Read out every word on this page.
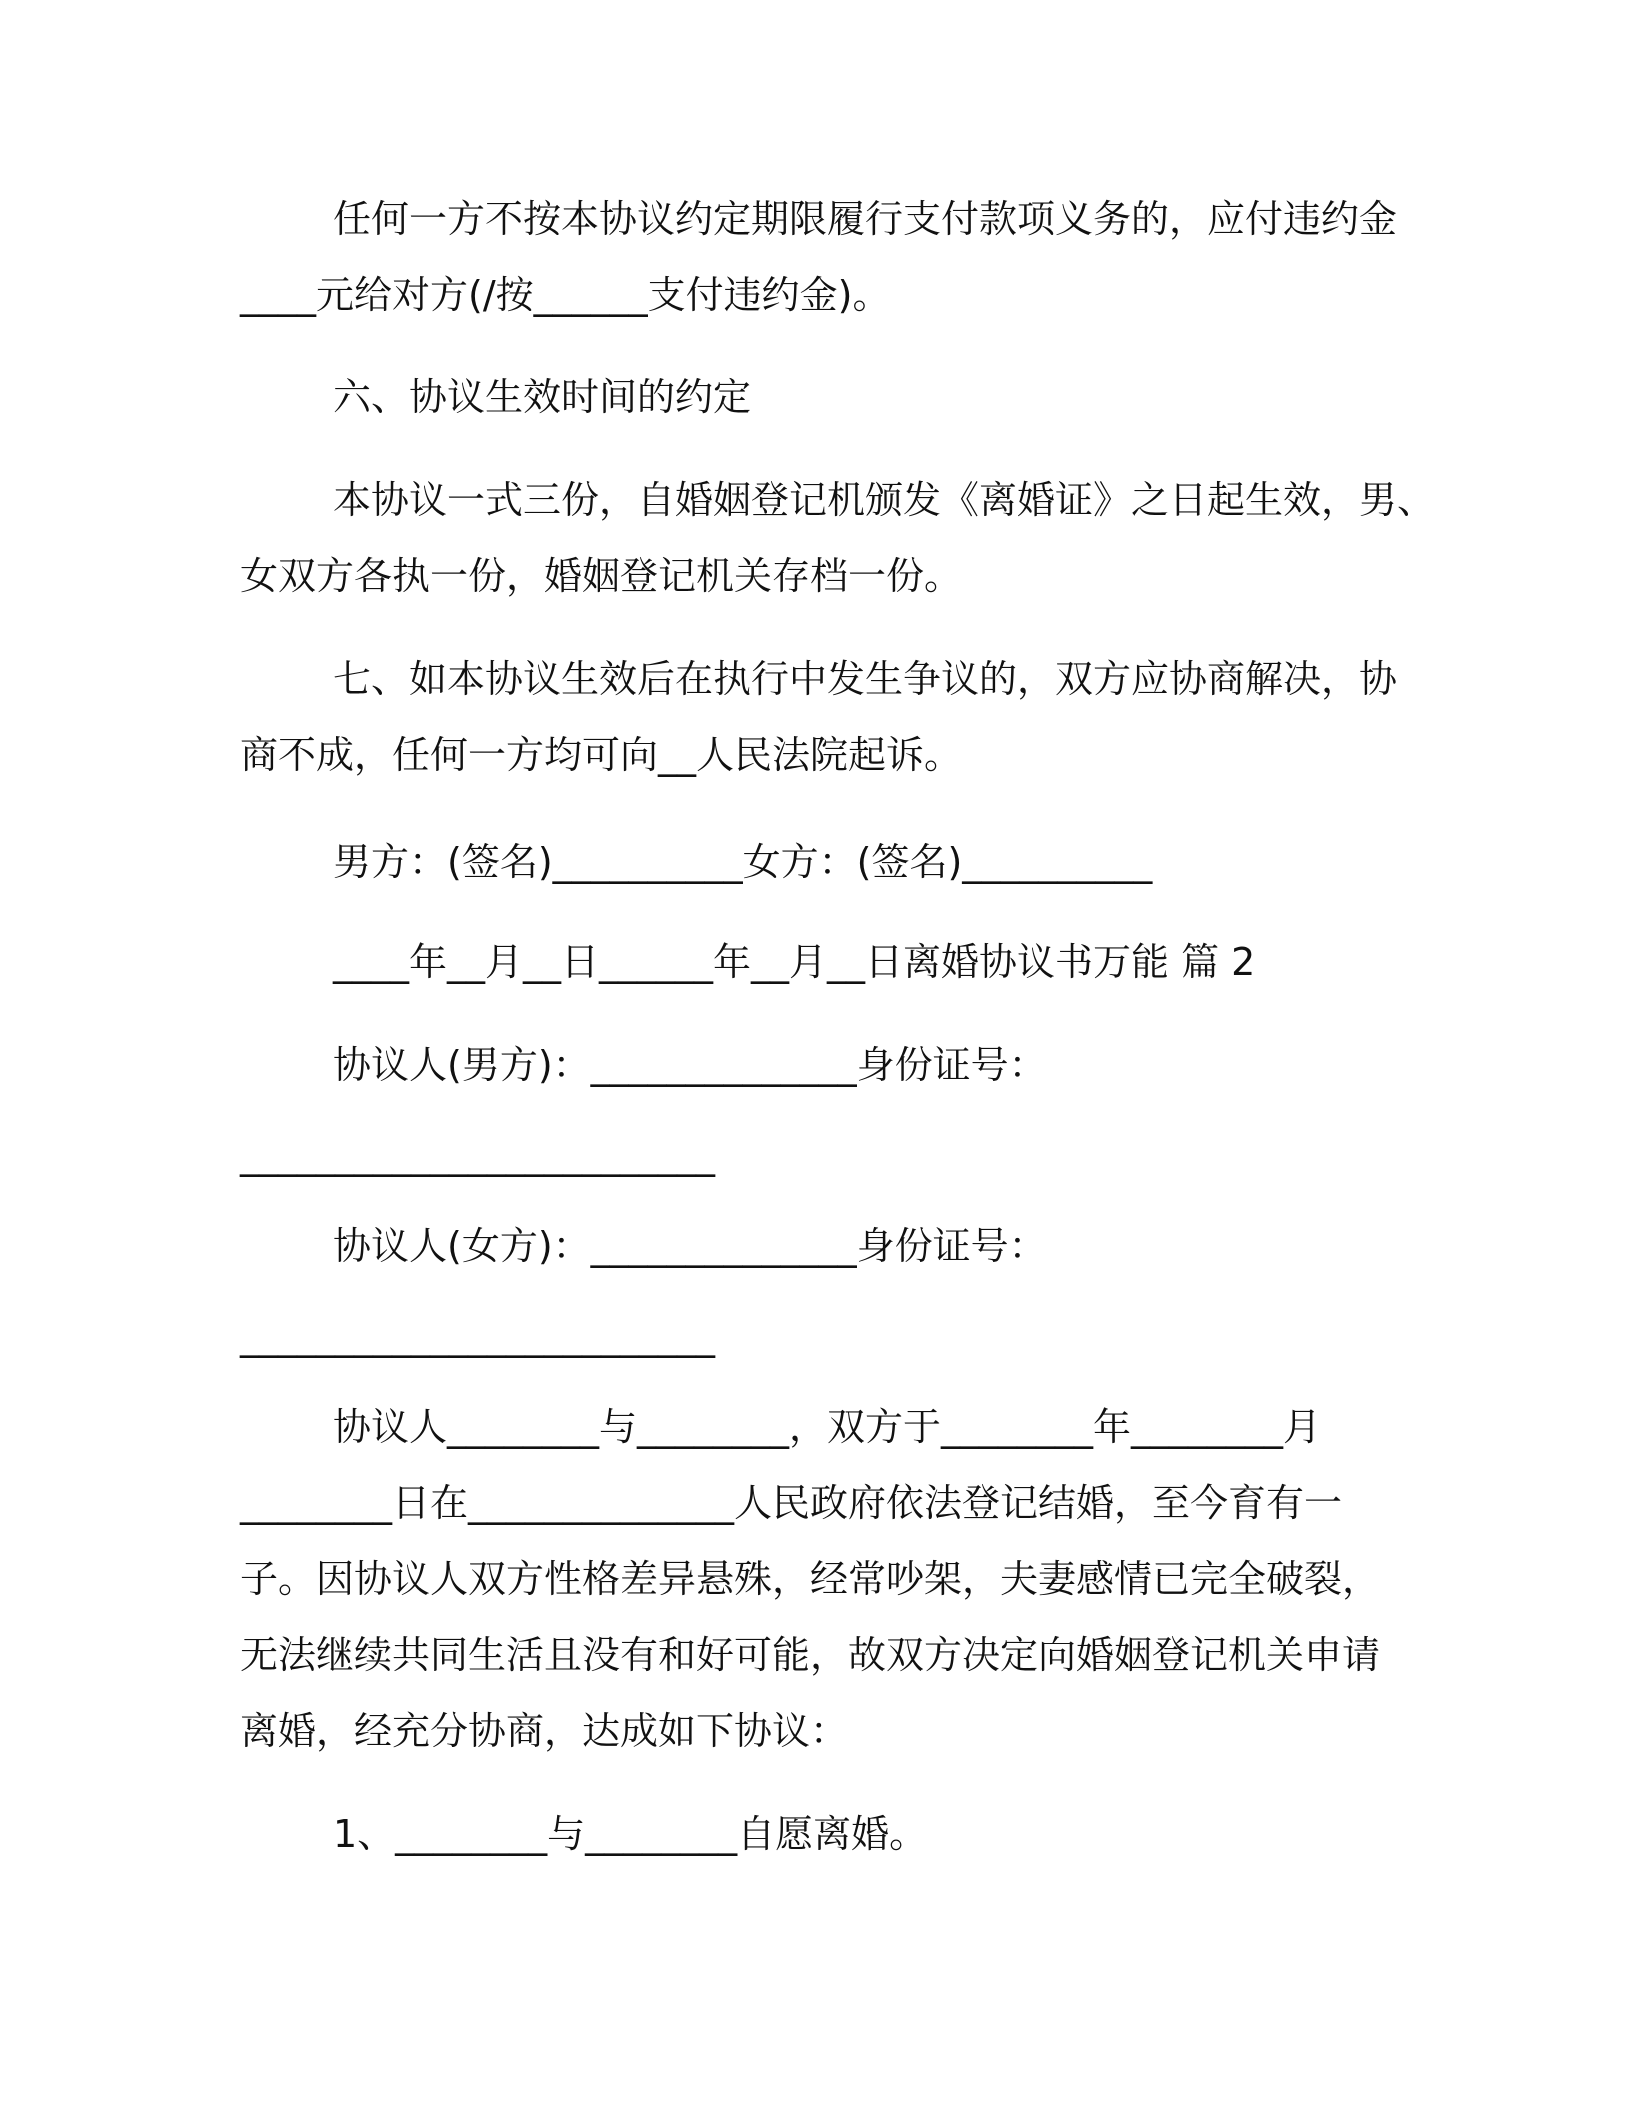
任何一方不按本协议约定期限履行支付款项义务的，应付违约金
____元给对方(/按______支付违约金)。
六、协议生效时间的约定
本协议一式三份，自婚姻登记机颁发《离婚证》之日起生效，男、
女双方各执一份，婚姻登记机关存档一份。
七、如本协议生效后在执行中发生争议的，双方应协商解决，协
商不成，任何一方均可向__人民法院起诉。
男方：(签名)__________女方：(签名)__________
____年__月__日______年__月__日离婚协议书万能 篇 2
协议人(男方)：______________身份证号：
_________________________
协议人(女方)：______________身份证号：
_________________________
协议人________与________，双方于________年________月
________日在______________人民政府依法登记结婚，至今育有一
子。因协议人双方性格差异悬殊，经常吵架，夫妻感情已完全破裂，
无法继续共同生活且没有和好可能，故双方决定向婚姻登记机关申请
离婚，经充分协商，达成如下协议：
1、________与________自愿离婚。
